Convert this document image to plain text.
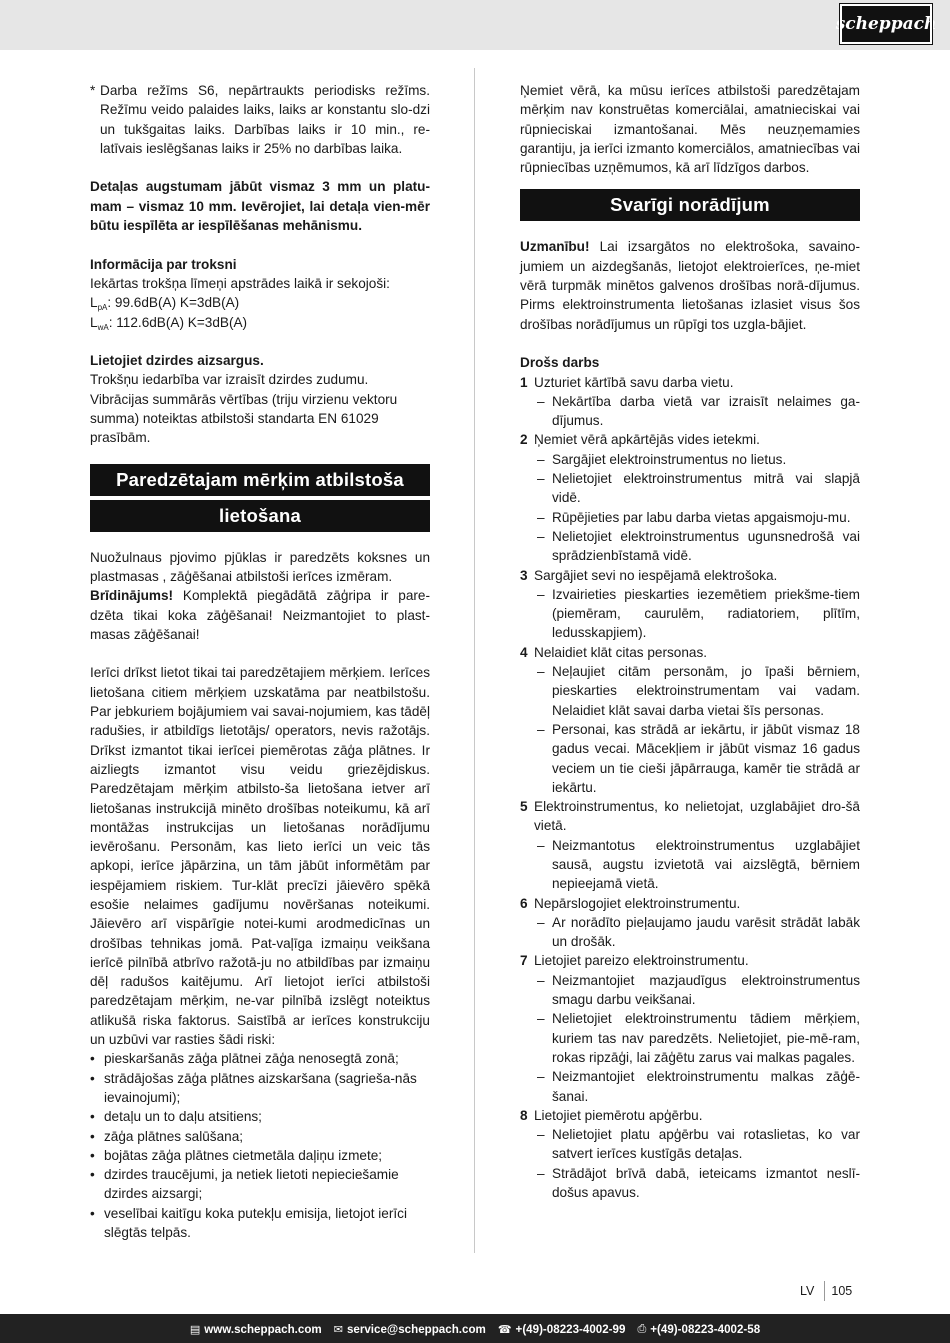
scheppach

* Darba režīms S6, nepārtraukts periodisks režīms. Režīmu veido palaides laiks, laiks ar konstantu slo-dzi un tukšgaitas laiks. Darbības laiks ir 10 min., re-latīvais ieslēgšanas laiks ir 25% no darbības laika.

Detaļas augstumam jābūt vismaz 3 mm un platu-mam – vismaz 10 mm. Ievērojiet, lai detaļa vien-mēr būtu iespīlēta ar iespīlēšanas mehānismu.

Informācija par troksni

Iekārtas trokšņa līmeņi apstrādes laikā ir sekojoši:

$L_{pA}$: 99.6dB(A) K=3dB(A)

$L_{wA}$: 112.6dB(A) K=3dB(A)

Lietojiet dzirdes aizsargus.

Trokšņu iedarbība var izraisīt dzirdes zudumu. Vibrācijas summārās vērtības (triju virzienu vektoru summa) noteiktas atbilstoši standarta EN 61029 prasībām.

Paredzētajam mērķim atbilstoša
lietošana

Nuožulnaus pjovimo pjūklas ir paredzēts koksnes un plastmasas , zāģēšanai atbilstoši ierīces izmēram.

Brīdinājums! Komplektā piegādātā zāģripa ir pare-dzēta tikai koka zāģēšanai! Neizmantojiet to plast-masas zāģēšanai!

Ierīci drīkst lietot tikai tai paredzētajiem mērķiem. Ierīces lietošana citiem mērķiem uzskatāma par neatbilstošu. Par jebkuriem bojājumiem vai savai-nojumiem, kas tādēļ radušies, ir atbildīgs lietotājs/ operators, nevis ražotājs. Drīkst izmantot tikai ierīcei piemērotas zāģa plātnes. Ir aizliegts izmantot visu veidu griezējdiskus. Paredzētajam mērķim atbilsto-ša lietošana ietver arī lietošanas instrukcijā minēto drošības noteikumu, kā arī montāžas instrukcijas un lietošanas norādījumu ievērošanu. Personām, kas lieto ierīci un veic tās apkopi, ierīce jāpārzina, un tām jābūt informētām par iespējamiem riskiem. Tur-klāt precīzi jāievēro spēkā esošie nelaimes gadījumu novēršanas noteikumi. Jāievēro arī vispārīgie notei-kumi arodmedicīnas un drošības tehnikas jomā. Pat-vaļīga izmaiņu veikšana ierīcē pilnībā atbrīvo ražotā-ju no atbildības par izmaiņu dēļ radušos kaitējumu. Arī lietojot ierīci atbilstoši paredzētajam mērķim, ne-var pilnībā izslēgt noteiktus atlikušā riska faktorus. Saistībā ar ierīces konstrukciju un uzbūvi var rasties šādi riski:

• pieskaršanās zāģa plātnei zāģa nenosegtā zonā;
• strādājošas zāģa plātnes aizskaršana (sagrieša-nās ievainojumi);
• detaļu un to daļu atsitiens;
• zāģa plātnes salūšana;
• bojātas zāģa plātnes cietmetāla daļiņu izmete;
• dzirdes traucējumi, ja netiek lietoti nepieciešamie dzirdes aizsargi;
• veselībai kaitīgu koka putekļu emisija, lietojot ierīci slēgtās telpās.

Ņemiet vērā, ka mūsu ierīces atbilstoši paredzētajam mērķim nav konstruētas komerciālai, amatnieciskai vai rūpnieciskai izmantošanai. Mēs neuzņemamies garantiju, ja ierīci izmanto komerciālos, amatniecības vai rūpniecības uzņēmumos, kā arī līdzīgos darbos.

Svarīgi norādījum

Uzmanību! Lai izsargātos no elektrošoka, savaino-jumiem un aizdegšanās, lietojot elektroierīces, ņe-miet vērā turpmāk minētos galvenos drošības norā-dījumus. Pirms elektroinstrumenta lietošanas izlasiet visus šos drošības norādījumus un rūpīgi tos uzgla-bājiet.

Drošs darbs

1 Uzturiet kārtībā savu darba vietu.

– Nekārtība darba vietā var izraisīt nelaimes ga-dījumus.

2 Ņemiet vērā apkārtējās vides ietekmi.

– Sargājiet elektroinstrumentus no lietus.

– Nelietojiet elektroinstrumentus mitrā vai slapjā vidē.

– Rūpējieties par labu darba vietas apgaismoju-mu.

– Nelietojiet elektroinstrumentus ugunsnedrošā vai sprādzienbīstamā vidē.

3 Sargājiet sevi no iespējamā elektrošoka.

– Izvairieties pieskarties iezemētiem priekšme-tiem (piemēram, caurulēm, radiatoriem, plītīm, ledusskapjiem).

4 Nelaidiet klāt citas personas.

– Neļaujiet citām personām, jo īpaši bērniem, pieskarties elektroinstrumentam vai vadam. Nelaidiet klāt savai darba vietai šīs personas.

– Personai, kas strādā ar iekārtu, ir jābūt vismaz 18 gadus vecai. Mācekļiem ir jābūt vismaz 16 gadus veciem un tie cieši jāpārrauga, kamēr tie strādā ar iekārtu.

5 Elektroinstrumentus, ko nelietojat, uzglabājiet dro-šā vietā.

– Neizmantotus elektroinstrumentus uzglabājiet sausā, augstu izvietotā vai aizslēgtā, bērniem nepieejamā vietā.

6 Nepārslogojiet elektroinstrumentu.

– Ar norādīto pieļaujamo jaudu varēsit strādāt labāk un drošāk.

7 Lietojiet pareizo elektroinstrumentu.

– Neizmantojiet mazjaudīgus elektroinstrumentus smagu darbu veikšanai.

– Nelietojiet elektroinstrumentu tādiem mērķiem, kuriem tas nav paredzēts. Nelietojiet, pie-mē-ram, rokas ripzāģi, lai zāģētu zarus vai malkas pagales.

– Neizmantojiet elektroinstrumentu malkas zāģē-šanai.

8 Lietojiet piemērotu apģērbu.

– Nelietojiet platu apģērbu vai rotaslietas, ko var satvert ierīces kustīgās detaļas.

– Strādājot brīvā dabā, ieteicams izmantot neslī-došus apavus.

LV 105
▤ www.scheppach.com ✉ service@scheppach.com ☎ +(49)-08223-4002-99 ⎙ +(49)-08223-4002-58
